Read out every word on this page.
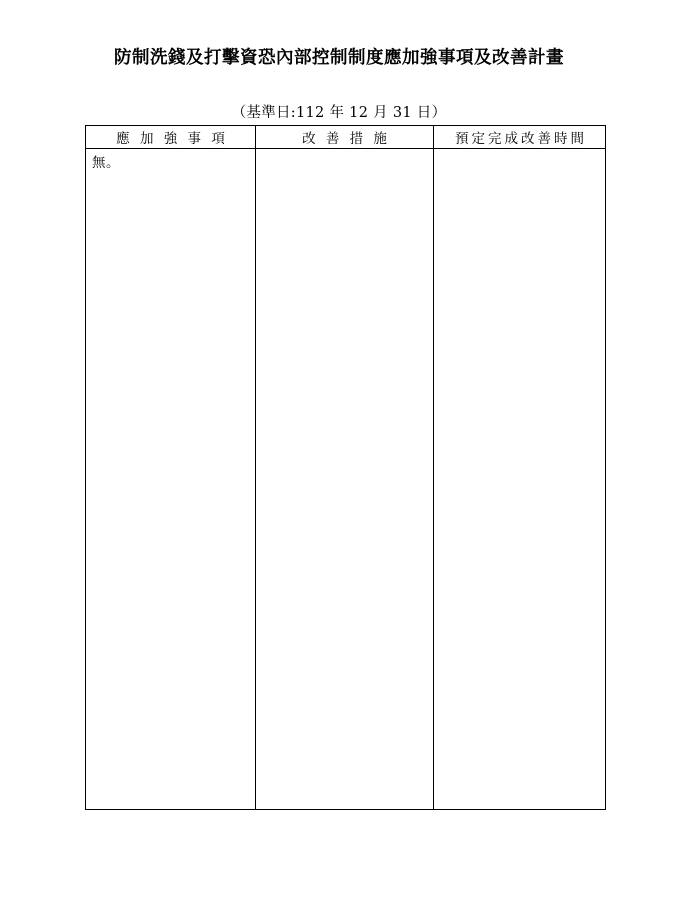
防制洗錢及打擊資恐內部控制制度應加強事項及改善計畫
（基準日:112 年 12 月 31 日）
應 加 強 事 項	改 善 措 施	預定完成改善時間

無。		
